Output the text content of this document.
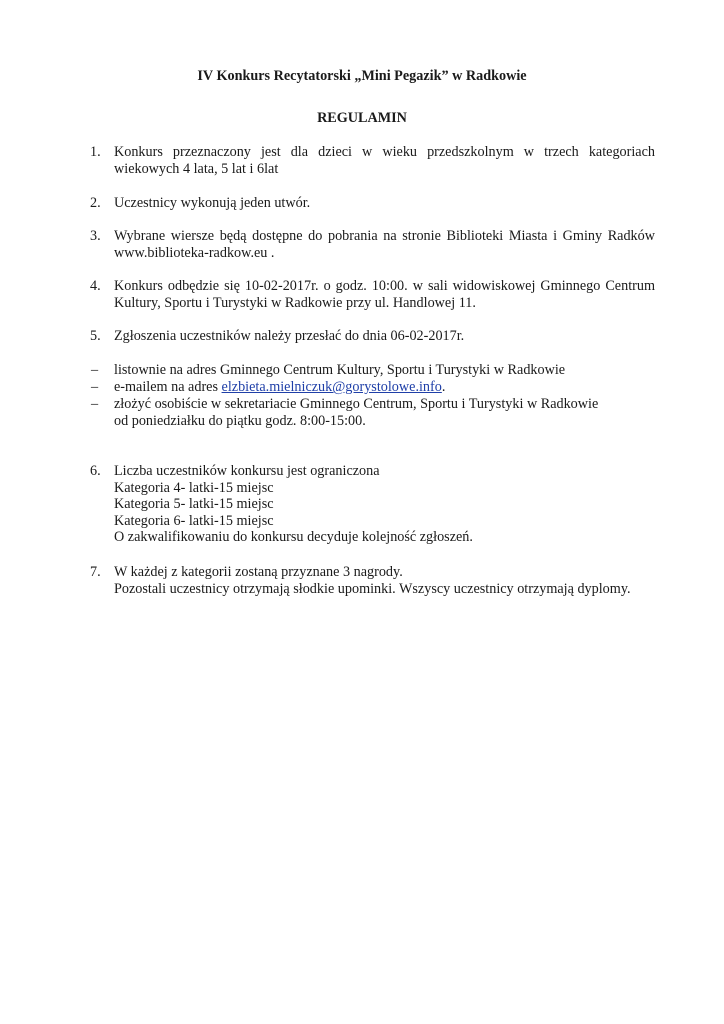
IV Konkurs Recytatorski „Mini Pegazik” w Radkowie
REGULAMIN
1. Konkurs przeznaczony jest dla dzieci w wieku przedszkolnym w trzech kategoriach
wiekowych 4 lata, 5 lat i 6lat
2. Uczestnicy wykonują jeden utwór.
3. Wybrane wiersze będą dostępne do pobrania na stronie Biblioteki Miasta i Gminy Radków
www.biblioteka-radkow.eu .
4. Konkurs odbędzie się 10-02-2017r. o godz. 10:00. w sali widowiskowej Gminnego Centrum
Kultury, Sportu i Turystyki w Radkowie przy ul. Handlowej 11.
5. Zgłoszenia uczestników należy przesłać do dnia 06-02-2017r.
–	listownie na adres Gminnego Centrum Kultury, Sportu i Turystyki w Radkowie
–	e-mailem na adres elzbieta.mielniczuk@gorystolowe.info.
–	złożyć osobiście w sekretariacie Gminnego Centrum, Sportu i Turystyki w Radkowie
od poniedziałku do piątku godz. 8:00-15:00.
6. Liczba uczestników konkursu jest ograniczona
Kategoria 4- latki-15 miejsc
Kategoria 5- latki-15 miejsc
Kategoria 6- latki-15 miejsc
O zakwalifikowaniu do konkursu decyduje kolejność zgłoszeń.
7. W każdej z kategorii zostaną przyznane 3 nagrody.
Pozostali uczestnicy otrzymają słodkie upominki. Wszyscy uczestnicy otrzymają dyplomy.
